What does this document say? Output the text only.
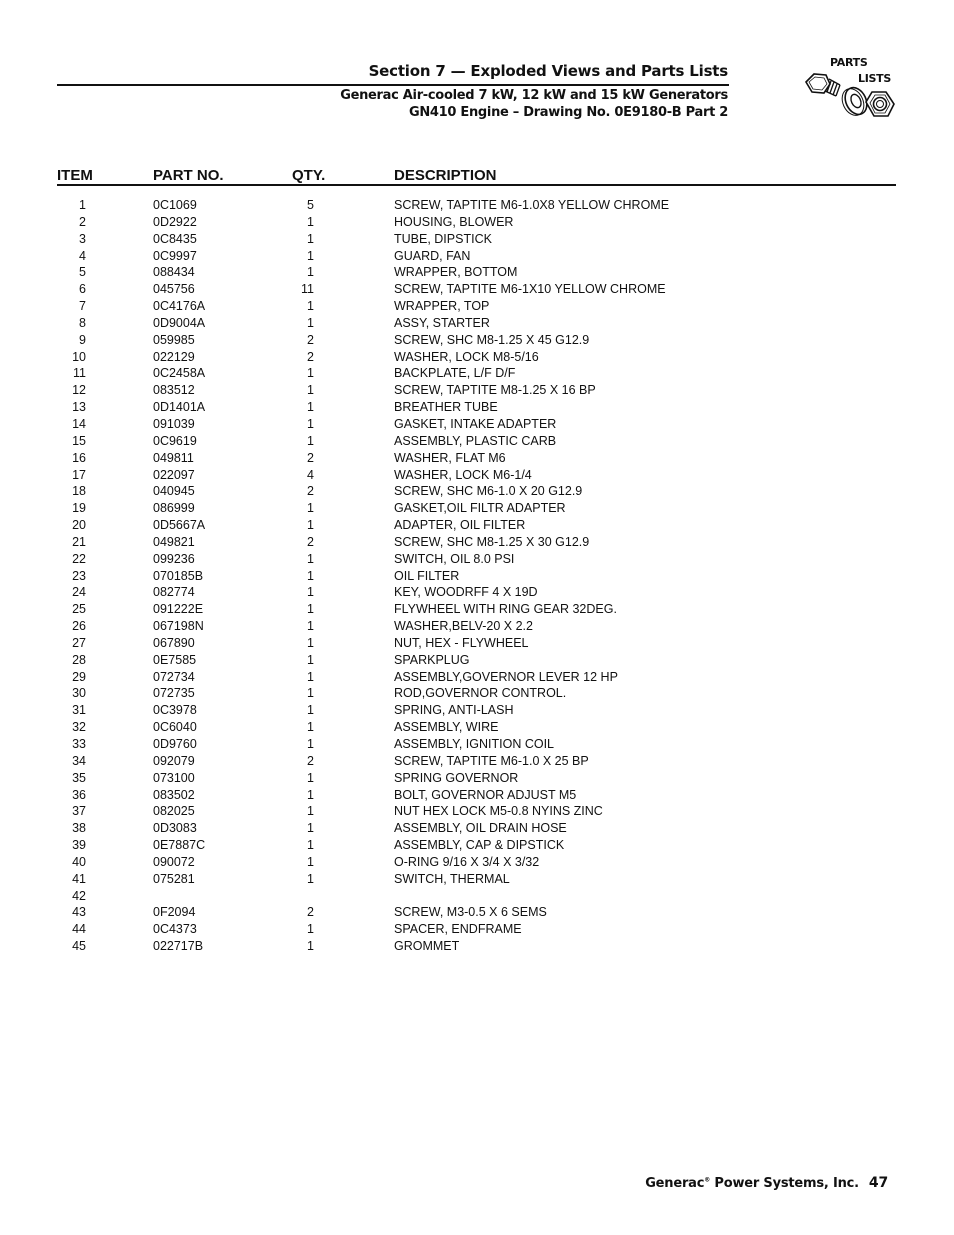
Section 7 — Exploded Views and Parts Lists
Generac Air-cooled 7 kW, 12 kW and 15 kW Generators
GN410 Engine – Drawing No. 0E9180-B Part 2
PARTS
LISTS
ITEM	PART NO.	QTY.	DESCRIPTION
1	0C1069	5	SCREW, TAPTITE M6-1.0X8 YELLOW CHROME
2	0D2922	1	HOUSING, BLOWER
3	0C8435	1	TUBE, DIPSTICK
4	0C9997	1	GUARD, FAN
5	088434	1	WRAPPER, BOTTOM
6	045756	11	SCREW, TAPTITE M6-1X10 YELLOW CHROME
7	0C4176A	1	WRAPPER, TOP
8	0D9004A	1	ASSY, STARTER
9	059985	2	SCREW, SHC M8-1.25 X 45 G12.9
10	022129	2	WASHER, LOCK M8-5/16
11	0C2458A	1	BACKPLATE, L/F D/F
12	083512	1	SCREW, TAPTITE M8-1.25 X 16 BP
13	0D1401A	1	BREATHER TUBE
14	091039	1	GASKET, INTAKE ADAPTER
15	0C9619	1	ASSEMBLY, PLASTIC CARB
16	049811	2	WASHER, FLAT M6
17	022097	4	WASHER, LOCK M6-1/4
18	040945	2	SCREW, SHC M6-1.0 X 20 G12.9
19	086999	1	GASKET,OIL FILTR ADAPTER
20	0D5667A	1	ADAPTER, OIL FILTER
21	049821	2	SCREW, SHC M8-1.25 X 30 G12.9
22	099236	1	SWITCH, OIL 8.0 PSI
23	070185B	1	OIL FILTER
24	082774	1	KEY, WOODRFF 4 X 19D
25	091222E	1	FLYWHEEL WITH RING GEAR 32DEG.
26	067198N	1	WASHER,BELV-20 X 2.2
27	067890	1	NUT, HEX - FLYWHEEL
28	0E7585	1	SPARKPLUG
29	072734	1	ASSEMBLY,GOVERNOR LEVER 12 HP
30	072735	1	ROD,GOVERNOR CONTROL.
31	0C3978	1	SPRING, ANTI-LASH
32	0C6040	1	ASSEMBLY, WIRE
33	0D9760	1	ASSEMBLY, IGNITION COIL
34	092079	2	SCREW, TAPTITE M6-1.0 X 25 BP
35	073100	1	SPRING GOVERNOR
36	083502	1	BOLT, GOVERNOR ADJUST M5
37	082025	1	NUT HEX LOCK M5-0.8 NYINS ZINC
38	0D3083	1	ASSEMBLY, OIL DRAIN HOSE
39	0E7887C	1	ASSEMBLY, CAP & DIPSTICK
40	090072	1	O-RING 9/16 X 3/4 X 3/32
41	075281	1	SWITCH, THERMAL
42
43	0F2094	2	SCREW, M3-0.5 X 6 SEMS
44	0C4373	1	SPACER, ENDFRAME
45	022717B	1	GROMMET
Generac® Power Systems, Inc. 47
